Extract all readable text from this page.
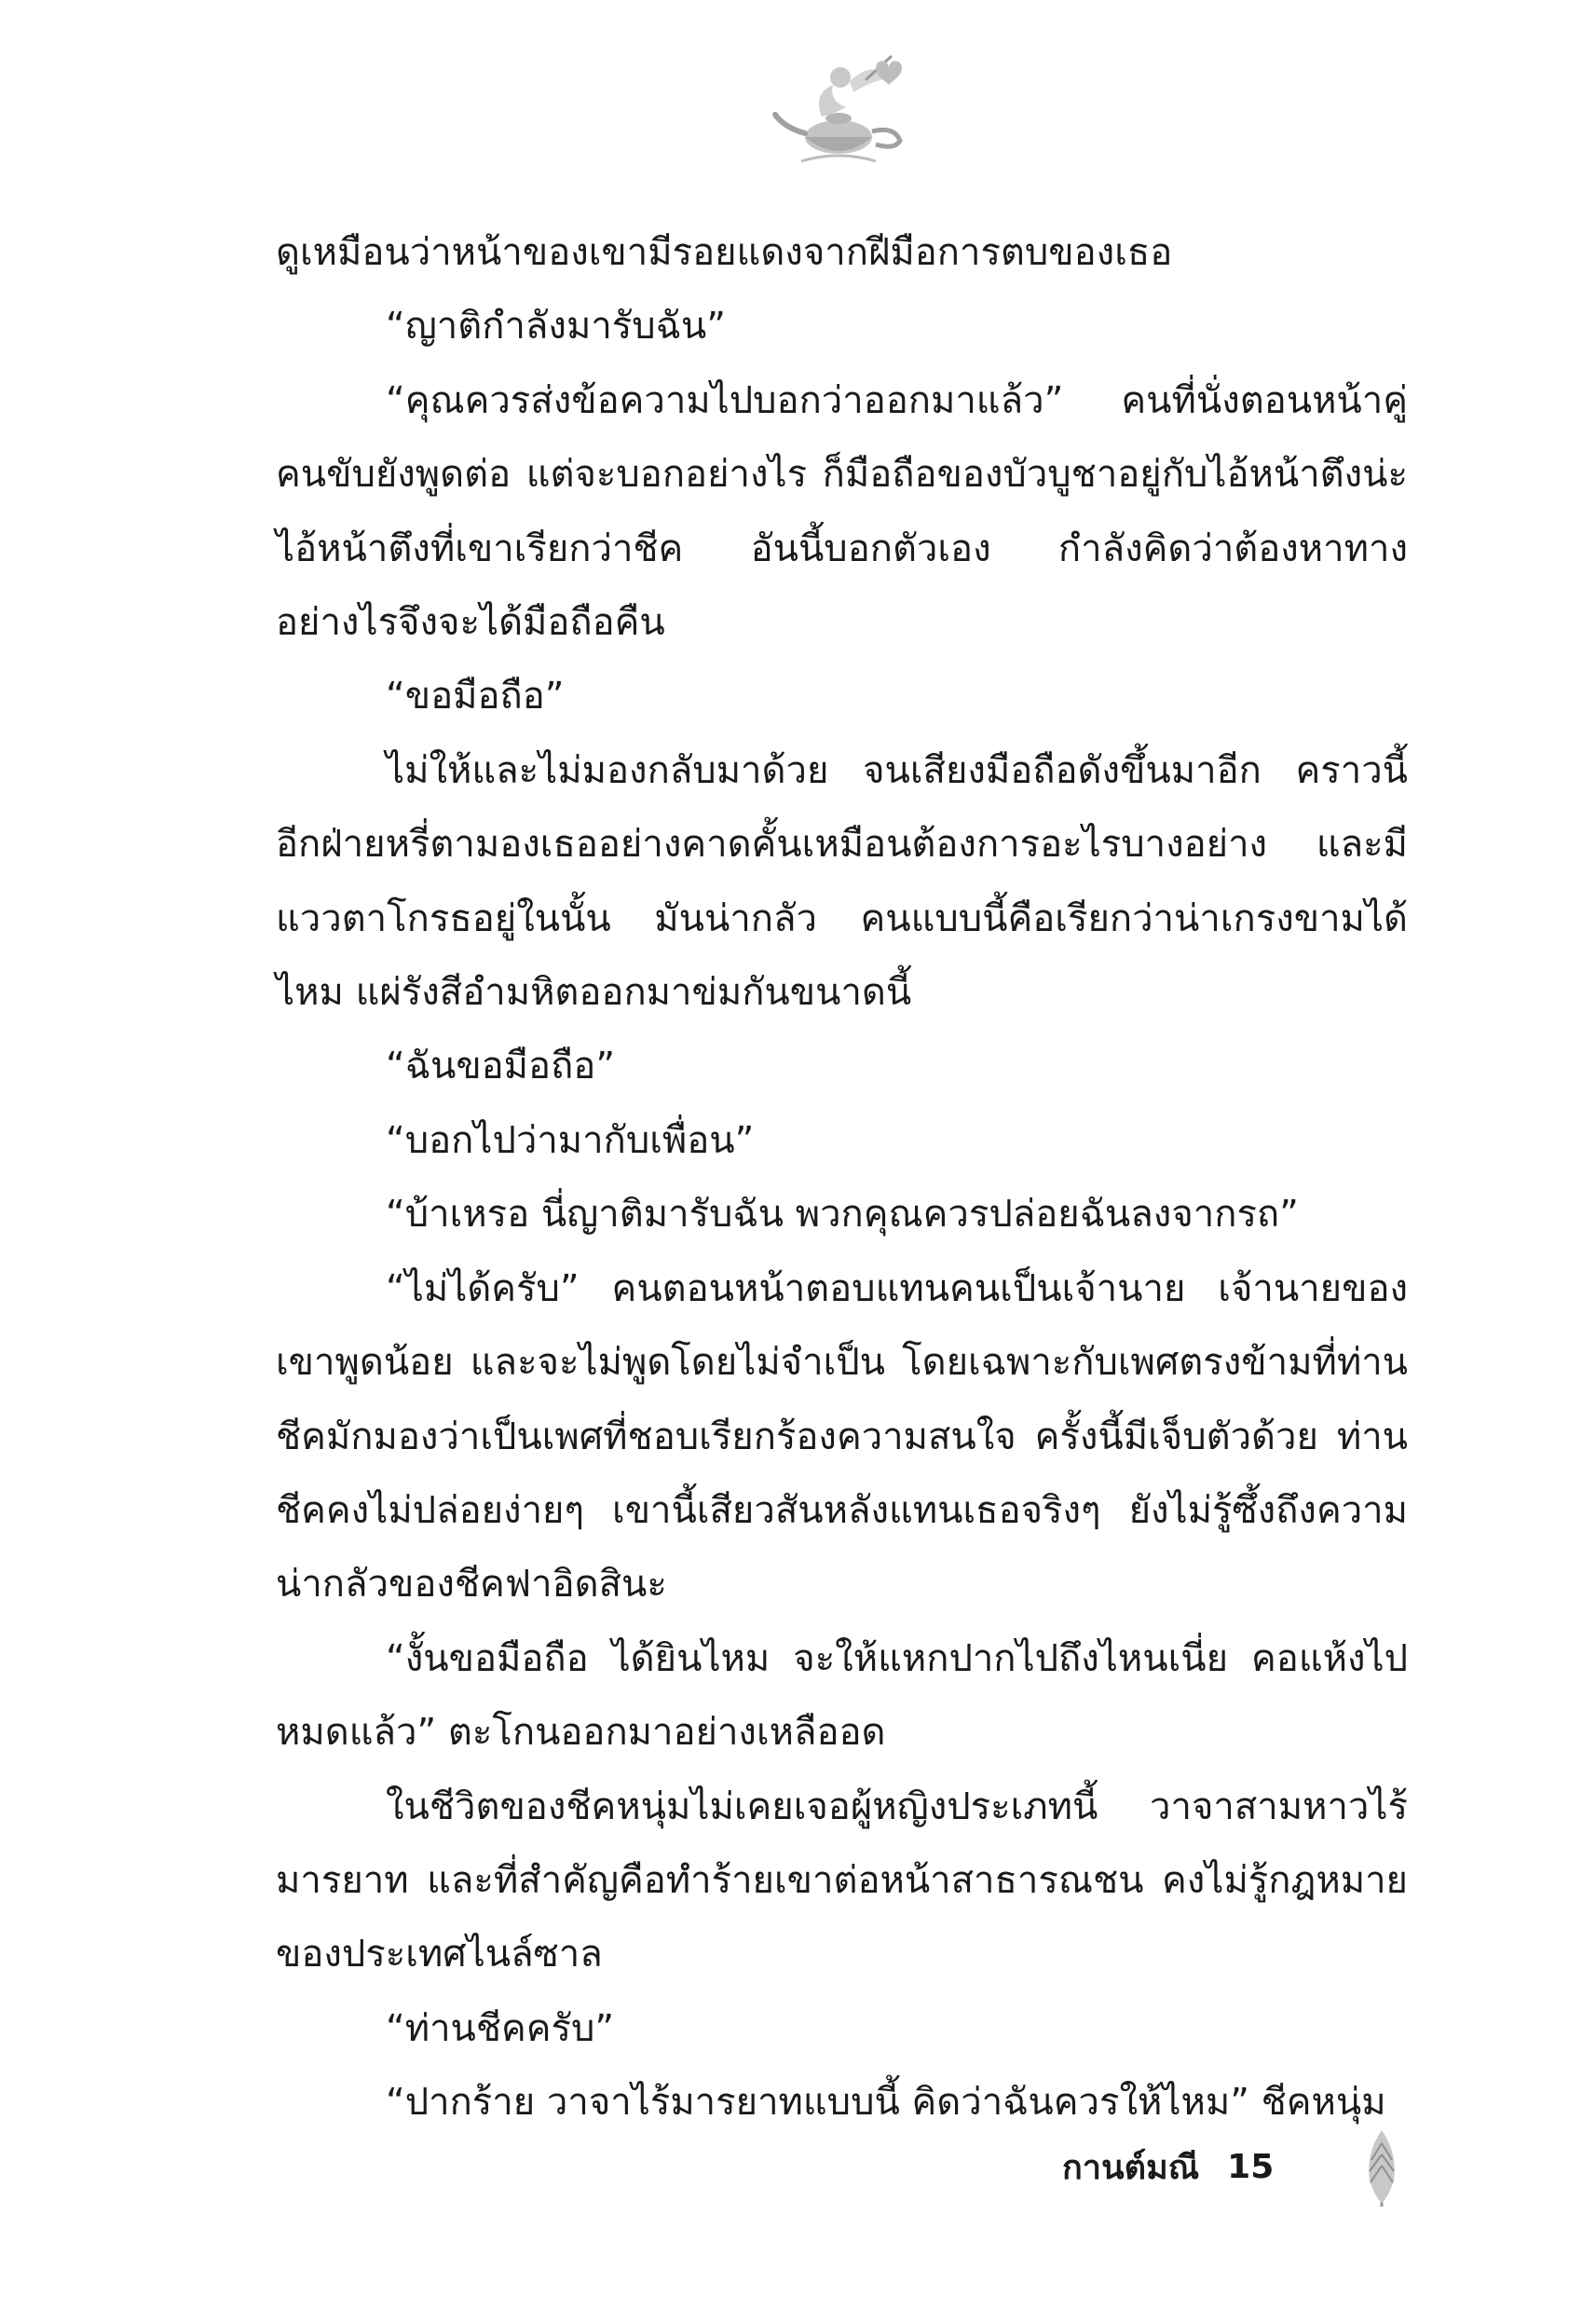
ดูเหมือนว่าหน้าของเขามีรอยแดงจากฝีมือการตบของเธอ

“ญาติกำลังมารับฉัน”

“คุณควรส่งข้อความไปบอกว่าออกมาแล้ว” คนที่นั่งตอนหน้าคู่คนขับยังพูดต่อ แต่จะบอกอย่างไร ก็มือถือของบัวบูชาอยู่กับไอ้หน้าตึงน่ะ ไอ้หน้าตึงที่เขาเรียกว่าชีค อันนี้บอกตัวเอง กำลังคิดว่าต้องหาทางอย่างไรจึงจะได้มือถือคืน

“ขอมือถือ”

ไม่ให้และไม่มองกลับมาด้วย จนเสียงมือถือดังขึ้นมาอีก คราวนี้อีกฝ่ายหรี่ตามองเธออย่างคาดคั้นเหมือนต้องการอะไรบางอย่าง และมีแววตาโกรธอยู่ในนั้น มันน่ากลัว คนแบบนี้คือเรียกว่าน่าเกรงขามได้ไหม แผ่รังสีอำมหิตออกมาข่มกันขนาดนี้

“ฉันขอมือถือ”

“บอกไปว่ามากับเพื่อน”

“บ้าเหรอ นี่ญาติมารับฉัน พวกคุณควรปล่อยฉันลงจากรถ”

“ไม่ได้ครับ” คนตอนหน้าตอบแทนคนเป็นเจ้านาย เจ้านายของเขาพูดน้อย และจะไม่พูดโดยไม่จำเป็น โดยเฉพาะกับเพศตรงข้ามที่ท่านชีคมักมองว่าเป็นเพศที่ชอบเรียกร้องความสนใจ ครั้งนี้มีเจ็บตัวด้วย ท่านชีคคงไม่ปล่อยง่ายๆ เขานี้เสียวสันหลังแทนเธอจริงๆ ยังไม่รู้ซึ้งถึงความน่ากลัวของชีคฟาอิดสินะ

“งั้นขอมือถือ ได้ยินไหม จะให้แหกปากไปถึงไหนเนี่ย คอแห้งไปหมดแล้ว” ตะโกนออกมาอย่างเหลืออด

ในชีวิตของชีคหนุ่มไม่เคยเจอผู้หญิงประเภทนี้ วาจาสามหาวไร้มารยาท และที่สำคัญคือทำร้ายเขาต่อหน้าสาธารณชน คงไม่รู้กฎหมายของประเทศไนล์ซาล

“ท่านชีคครับ”

“ปากร้าย วาจาไร้มารยาทแบบนี้ คิดว่าฉันควรให้ไหม” ชีคหนุ่ม

กานต์มณี 15
